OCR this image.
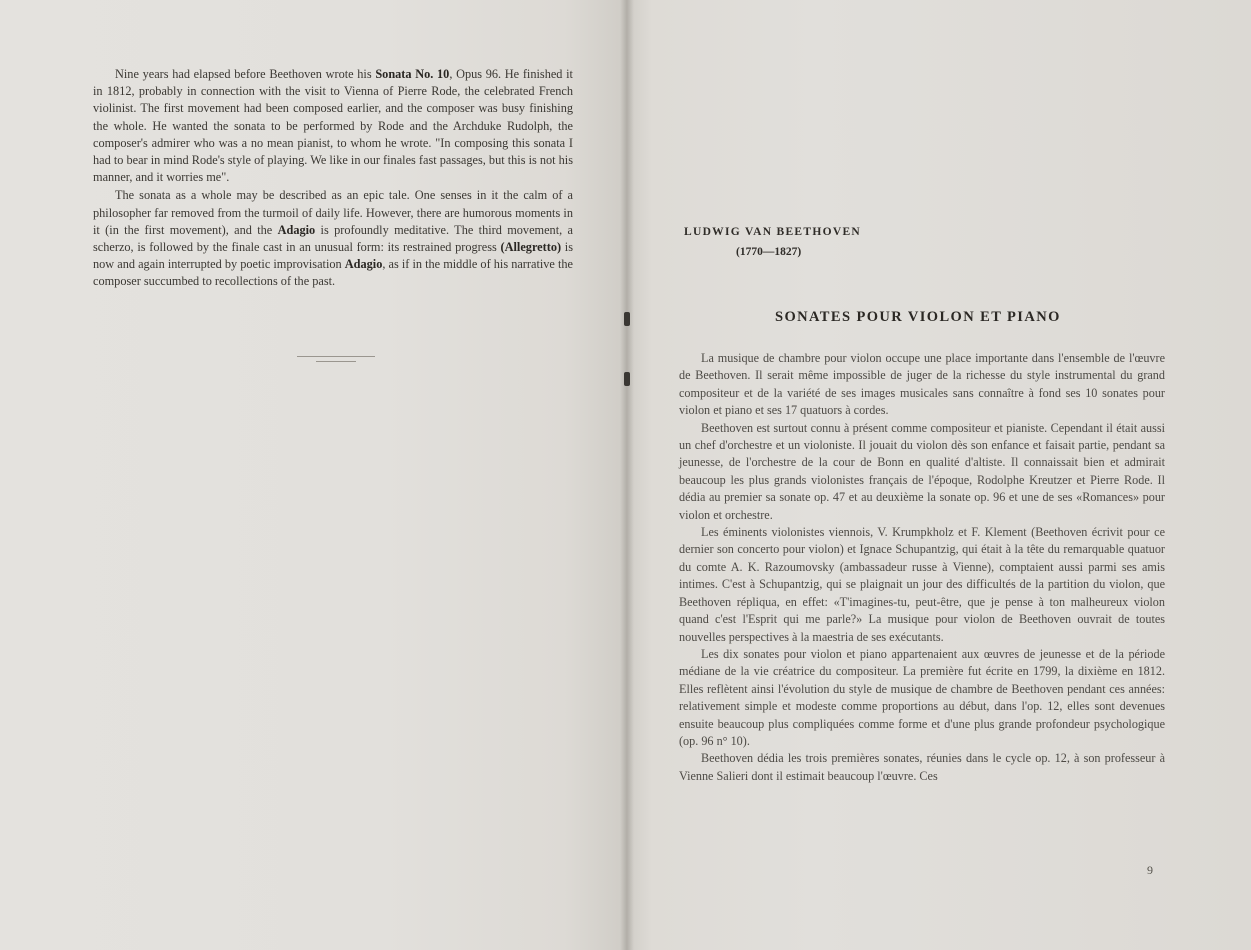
Nine years had elapsed before Beethoven wrote his Sonata No. 10, Opus 96. He finished it in 1812, probably in connection with the visit to Vienna of Pierre Rode, the celebrated French violinist. The first movement had been composed earlier, and the composer was busy finishing the whole. He wanted the sonata to be performed by Rode and the Archduke Rudolph, the composer's admirer who was a no mean pianist, to whom he wrote. "In composing this sonata I had to bear in mind Rode's style of playing. We like in our finales fast passages, but this is not his manner, and it worries me".

The sonata as a whole may be described as an epic tale. One senses in it the calm of a philosopher far removed from the turmoil of daily life. However, there are humorous moments in it (in the first movement), and the Adagio is profoundly meditative. The third movement, a scherzo, is followed by the finale cast in an unusual form: its restrained progress (Allegretto) is now and again interrupted by poetic improvisation Adagio, as if in the middle of his narrative the composer succumbed to recollections of the past.

LUDWIG VAN BEETHOVEN
(1770—1827)
SONATES POUR VIOLON ET PIANO

La musique de chambre pour violon occupe une place importante dans l'ensemble de l'œuvre de Beethoven. Il serait même impossible de juger de la richesse du style instrumental du grand compositeur et de la variété de ses images musicales sans connaître à fond ses 10 sonates pour violon et piano et ses 17 quatuors à cordes.

Beethoven est surtout connu à présent comme compositeur et pianiste. Cependant il était aussi un chef d'orchestre et un violoniste. Il jouait du violon dès son enfance et faisait partie, pendant sa jeunesse, de l'orchestre de la cour de Bonn en qualité d'altiste. Il connaissait bien et admirait beaucoup les plus grands violonistes français de l'époque, Rodolphe Kreutzer et Pierre Rode. Il dédia au premier sa sonate op. 47 et au deuxième la sonate op. 96 et une de ses «Romances» pour violon et orchestre.

Les éminents violonistes viennois, V. Krumpkholz et F. Klement (Beethoven écrivit pour ce dernier son concerto pour violon) et Ignace Schupantzig, qui était à la tête du remarquable quatuor du comte A. K. Razoumovsky (ambassadeur russe à Vienne), comptaient aussi parmi ses amis intimes. C'est à Schupantzig, qui se plaignait un jour des difficultés de la partition du violon, que Beethoven répliqua, en effet: «T'imagines-tu, peut-être, que je pense à ton malheureux violon quand c'est l'Esprit qui me parle?» La musique pour violon de Beethoven ouvrait de toutes nouvelles perspectives à la maestria de ses exécutants.

Les dix sonates pour violon et piano appartenaient aux œuvres de jeunesse et de la période médiane de la vie créatrice du compositeur. La première fut écrite en 1799, la dixième en 1812. Elles reflètent ainsi l'évolution du style de musique de chambre de Beethoven pendant ces années: relativement simple et modeste comme proportions au début, dans l'op. 12, elles sont devenues ensuite beaucoup plus compliquées comme forme et d'une plus grande profondeur psychologique (op. 96 n° 10).

Beethoven dédia les trois premières sonates, réunies dans le cycle op. 12, à son professeur à Vienne Salieri dont il estimait beaucoup l'œuvre. Ces

9
